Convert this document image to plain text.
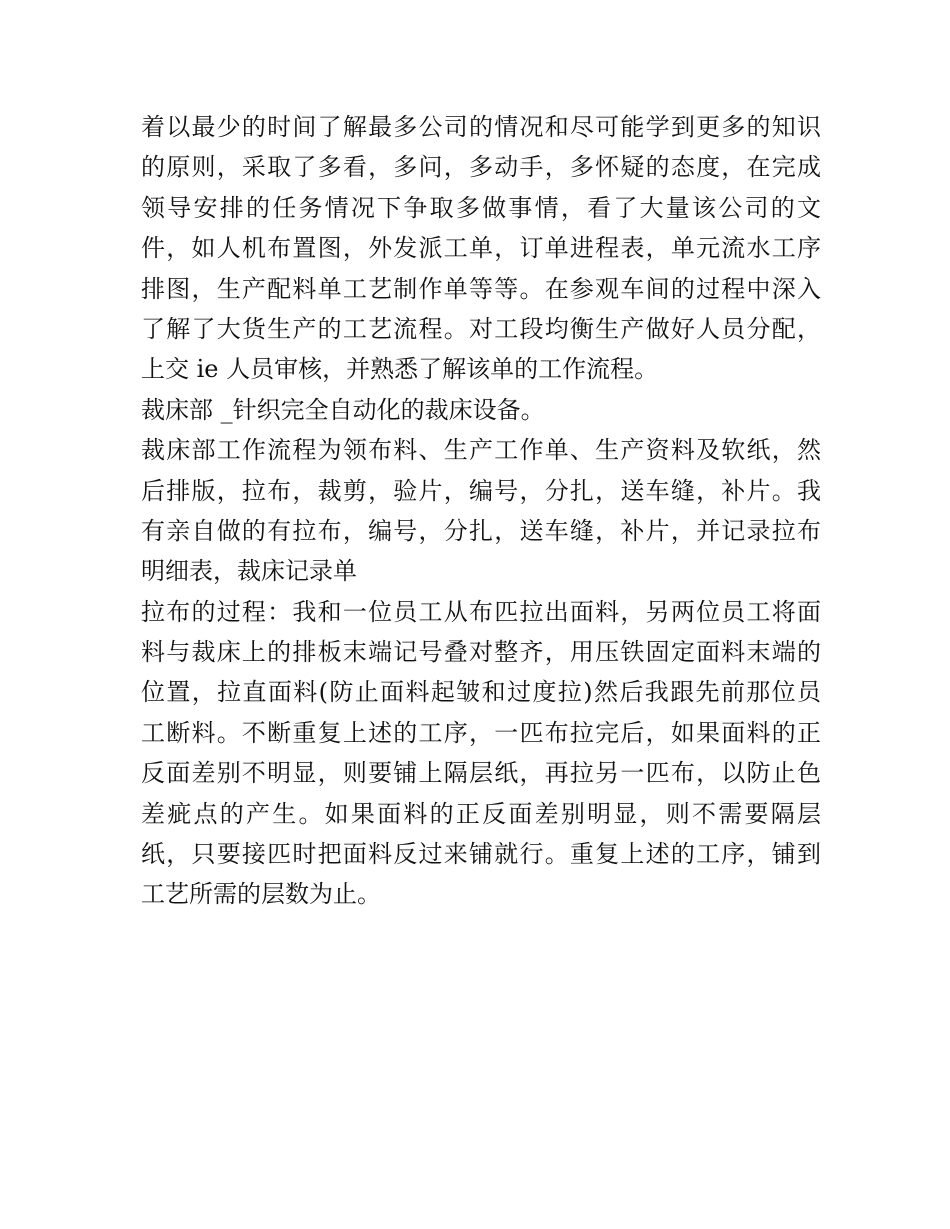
着以最少的时间了解最多公司的情况和尽可能学到更多的知识
的原则，采取了多看，多问，多动手，多怀疑的态度，在完成
领导安排的任务情况下争取多做事情，看了大量该公司的文
件，如人机布置图，外发派工单，订单进程表，单元流水工序
排图，生产配料单工艺制作单等等。在参观车间的过程中深入
了解了大货生产的工艺流程。对工段均衡生产做好人员分配，
上交 ie 人员审核，并熟悉了解该单的工作流程。
裁床部 _针织完全自动化的裁床设备。
裁床部工作流程为领布料、生产工作单、生产资料及软纸，然
后排版，拉布，裁剪，验片，编号，分扎，送车缝，补片。我
有亲自做的有拉布，编号，分扎，送车缝，补片，并记录拉布
明细表，裁床记录单
拉布的过程：我和一位员工从布匹拉出面料，另两位员工将面
料与裁床上的排板末端记号叠对整齐，用压铁固定面料末端的
位置，拉直面料(防止面料起皱和过度拉)然后我跟先前那位员
工断料。不断重复上述的工序，一匹布拉完后，如果面料的正
反面差别不明显，则要铺上隔层纸，再拉另一匹布，以防止色
差疵点的产生。如果面料的正反面差别明显，则不需要隔层
纸，只要接匹时把面料反过来铺就行。重复上述的工序，铺到
工艺所需的层数为止。
